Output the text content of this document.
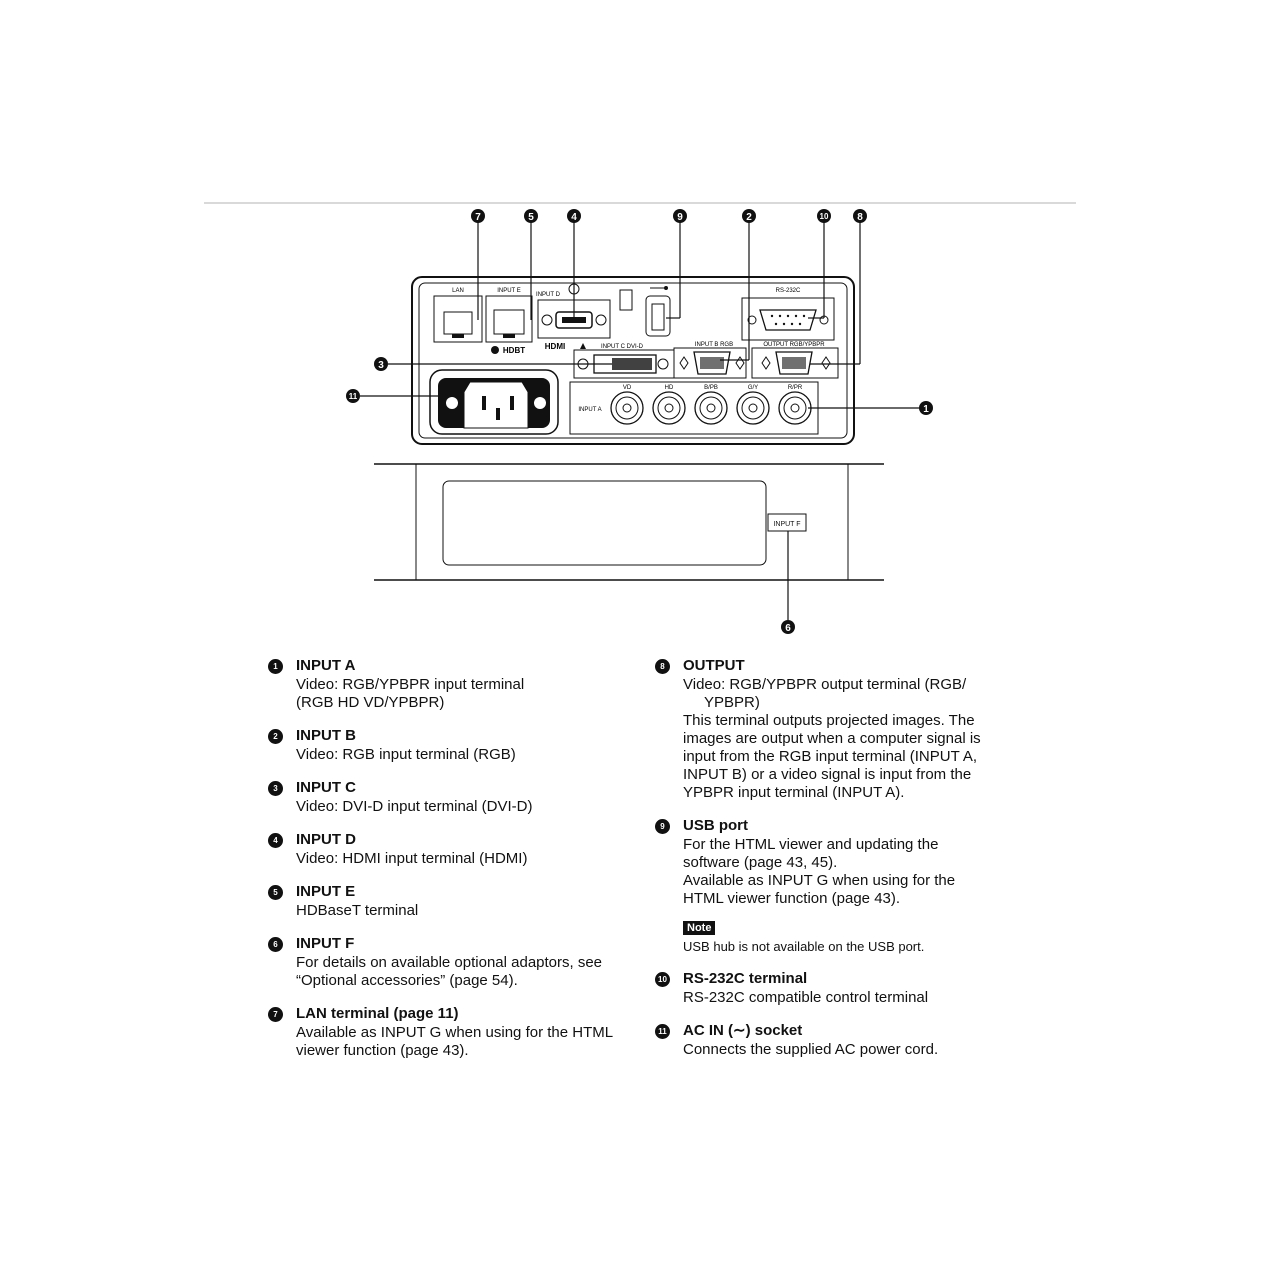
7	5	4	9	2	10	8
3
11
1
6
LAN	INPUT E
HDBT
INPUT D
HDMI
RS-232C
INPUT C DVI-D	INPUT B RGB	OUTPUT RGB/YPBPR
INPUT A
VD	HD	B/PB	G/Y	R/PR
INPUT F
1	INPUT A
Video: RGB/YPBPR input terminal
(RGB HD VD/YPBPR)
2	INPUT B
Video: RGB input terminal (RGB)
3	INPUT C
Video: DVI-D input terminal (DVI-D)
4	INPUT D
Video: HDMI input terminal (HDMI)
5	INPUT E
HDBaseT terminal
6	INPUT F
For details on available optional adaptors, see
“Optional accessories” (page 54).
7	LAN terminal (page 11)
Available as INPUT G when using for the HTML
viewer function (page 43).
8	OUTPUT
Video: RGB/YPBPR output terminal (RGB/
YPBPR)
This terminal outputs projected images. The images are output when a computer signal is input from the RGB input terminal (INPUT A, INPUT B) or a video signal is input from the YPBPR input terminal (INPUT A).
9	USB port
For the HTML viewer and updating the software (page 43, 45).
Available as INPUT G when using for the HTML viewer function (page 43).
Note
USB hub is not available on the USB port.
10 RS-232C terminal
RS-232C compatible control terminal
11 AC IN (∼) socket
Connects the supplied AC power cord.
